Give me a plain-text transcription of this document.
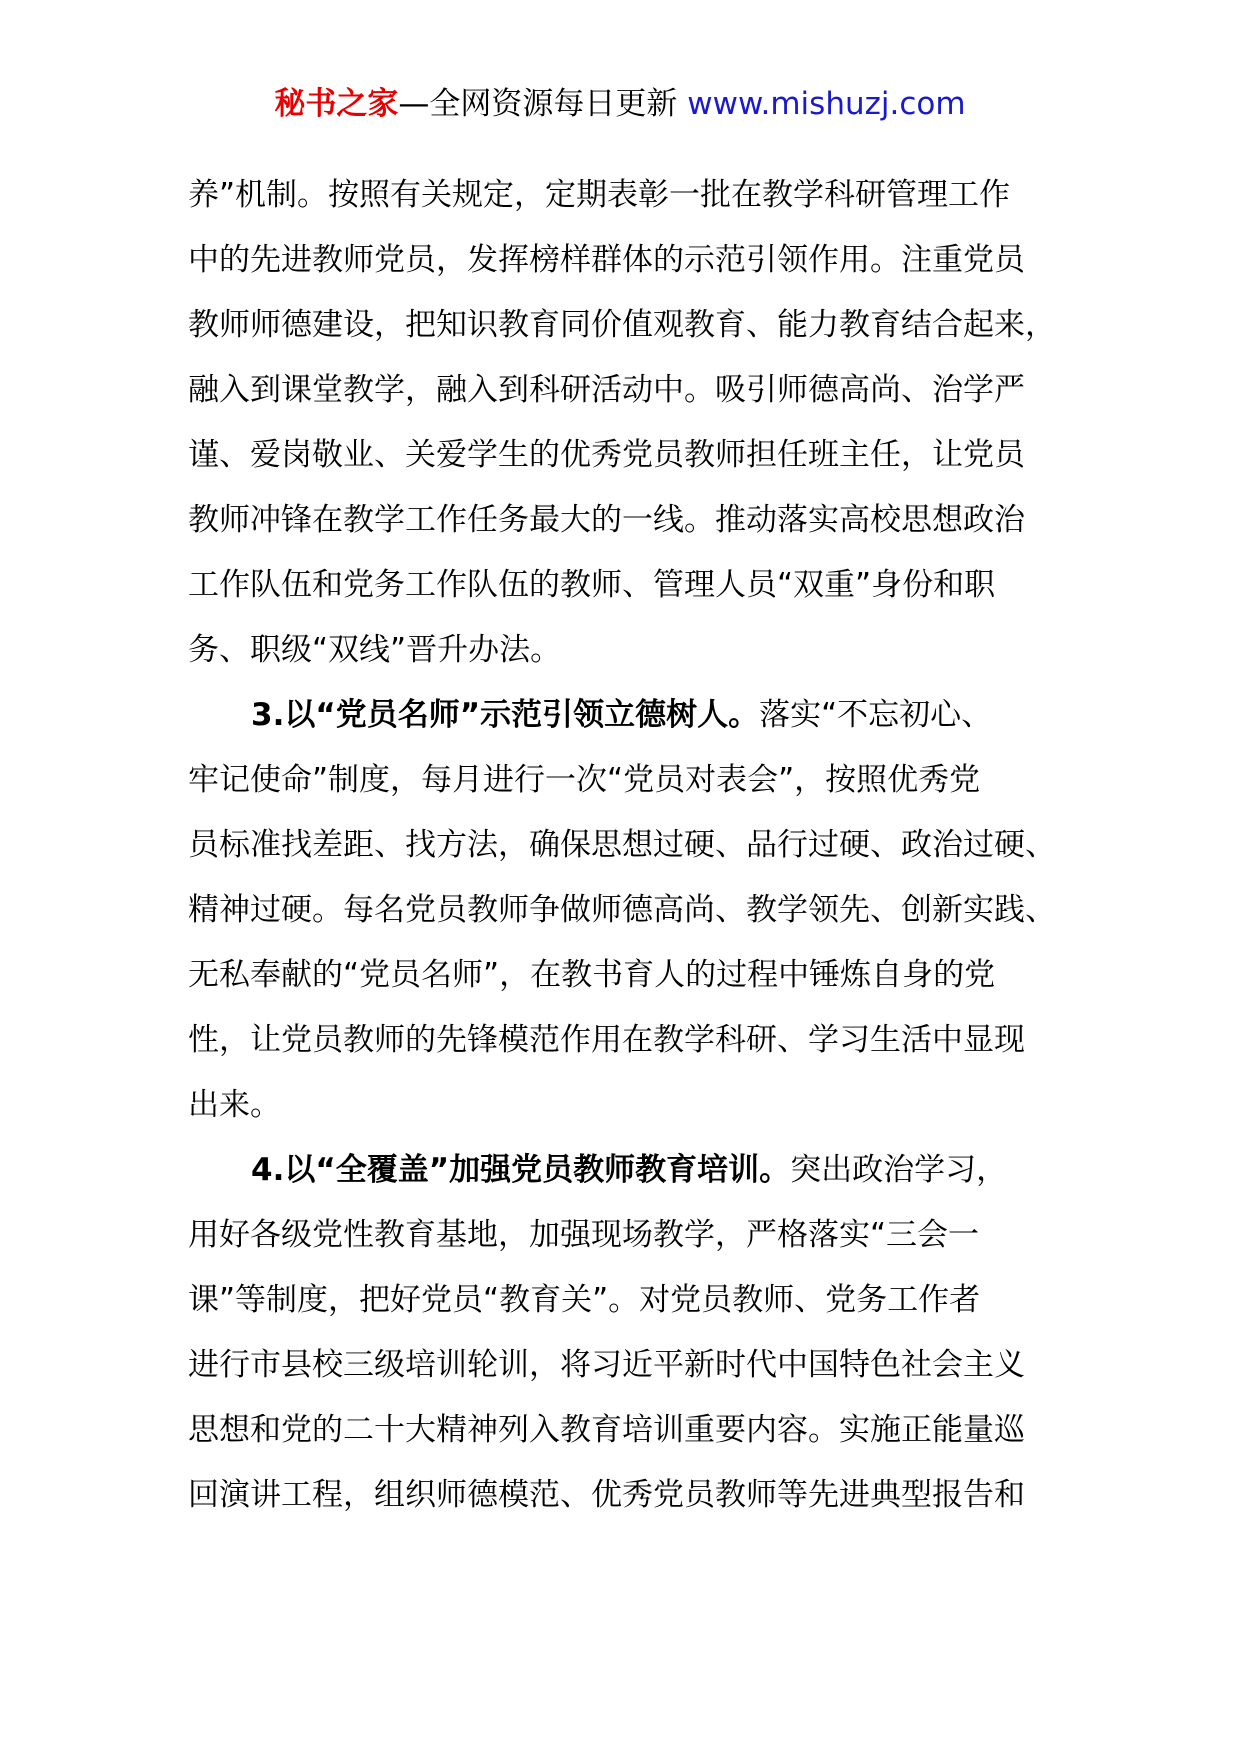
秘书之家—全网资源每日更新 www.mishuzj.com
养”机制。按照有关规定，定期表彰一批在教学科研管理工作
中的先进教师党员，发挥榜样群体的示范引领作用。注重党员
教师师德建设，把知识教育同价值观教育、能力教育结合起来，
融入到课堂教学，融入到科研活动中。吸引师德高尚、治学严
谨、爱岗敬业、关爱学生的优秀党员教师担任班主任，让党员
教师冲锋在教学工作任务最大的一线。推动落实高校思想政治
工作队伍和党务工作队伍的教师、管理人员“双重”身份和职
务、职级“双线”晋升办法。
3.以“党员名师”示范引领立德树人。落实“不忘初心、
牢记使命”制度，每月进行一次“党员对表会”，按照优秀党
员标准找差距、找方法，确保思想过硬、品行过硬、政治过硬、
精神过硬。每名党员教师争做师德高尚、教学领先、创新实践、
无私奉献的“党员名师”，在教书育人的过程中锤炼自身的党
性，让党员教师的先锋模范作用在教学科研、学习生活中显现
出来。
4.以“全覆盖”加强党员教师教育培训。突出政治学习，
用好各级党性教育基地，加强现场教学，严格落实“三会一
课”等制度，把好党员“教育关”。对党员教师、党务工作者
进行市县校三级培训轮训，将习近平新时代中国特色社会主义
思想和党的二十大精神列入教育培训重要内容。实施正能量巡
回演讲工程，组织师德模范、优秀党员教师等先进典型报告和
